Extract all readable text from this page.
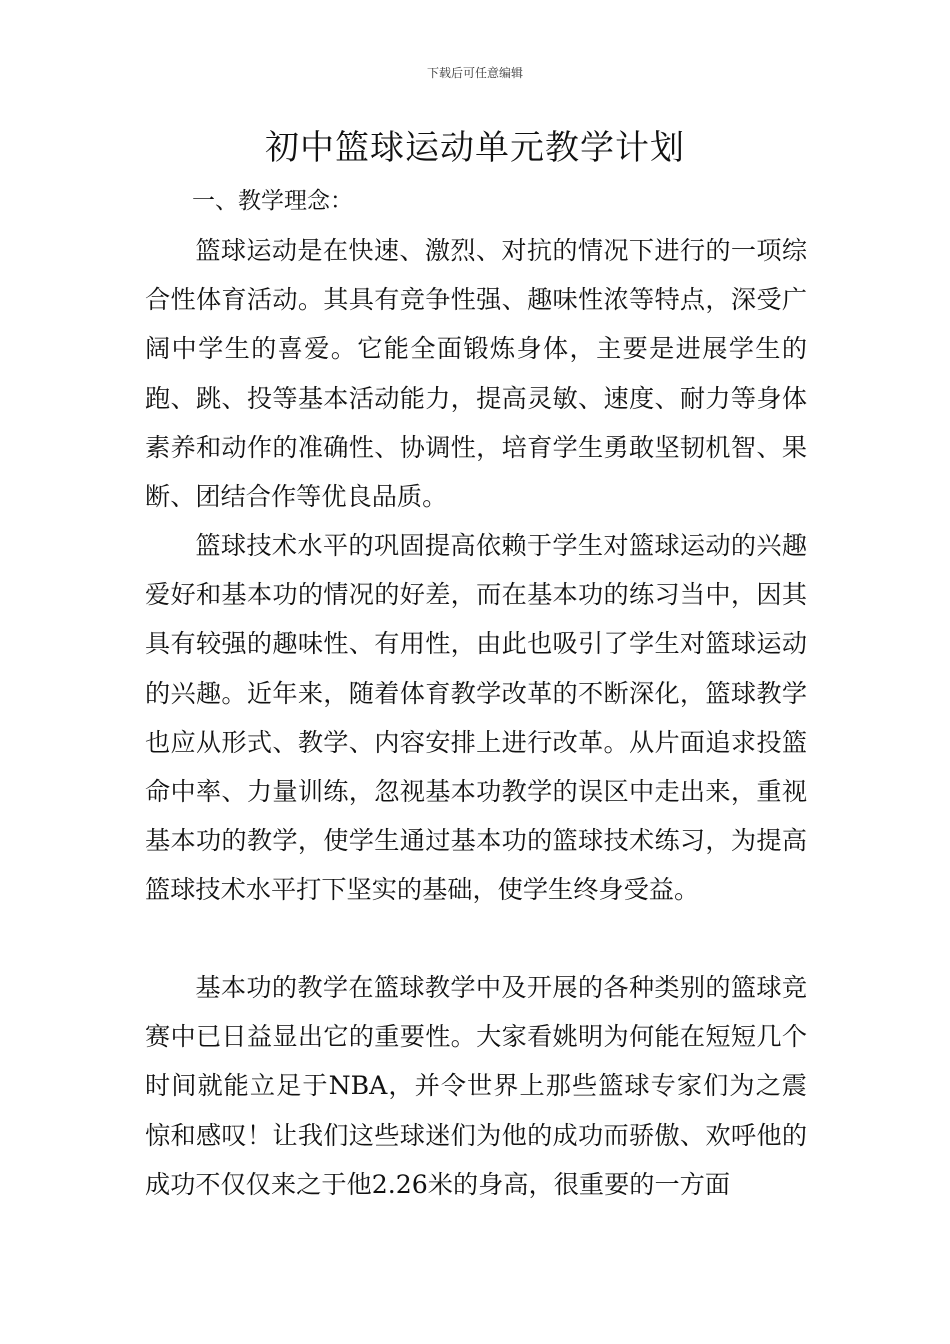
下载后可任意编辑
初中篮球运动单元教学计划
一、教学理念：

篮球运动是在快速、激烈、对抗的情况下进行的一项综合性体育活动。其具有竞争性强、趣味性浓等特点，深受广阔中学生的喜爱。它能全面锻炼身体，主要是进展学生的跑、跳、投等基本活动能力，提高灵敏、速度、耐力等身体素养和动作的准确性、协调性，培育学生勇敢坚韧机智、果断、团结合作等优良品质。

篮球技术水平的巩固提高依赖于学生对篮球运动的兴趣爱好和基本功的情况的好差，而在基本功的练习当中，因其具有较强的趣味性、有用性，由此也吸引了学生对篮球运动的兴趣。近年来，随着体育教学改革的不断深化，篮球教学也应从形式、教学、内容安排上进行改革。从片面追求投篮命中率、力量训练，忽视基本功教学的误区中走出来，重视基本功的教学，使学生通过基本功的篮球技术练习，为提高篮球技术水平打下坚实的基础，使学生终身受益。

基本功的教学在篮球教学中及开展的各种类别的篮球竞赛中已日益显出它的重要性。大家看姚明为何能在短短几个时间就能立足于NBA，并令世界上那些篮球专家们为之震惊和感叹！让我们这些球迷们为他的成功而骄傲、欢呼他的成功不仅仅来之于他2.26米的身高，很重要的一方面
